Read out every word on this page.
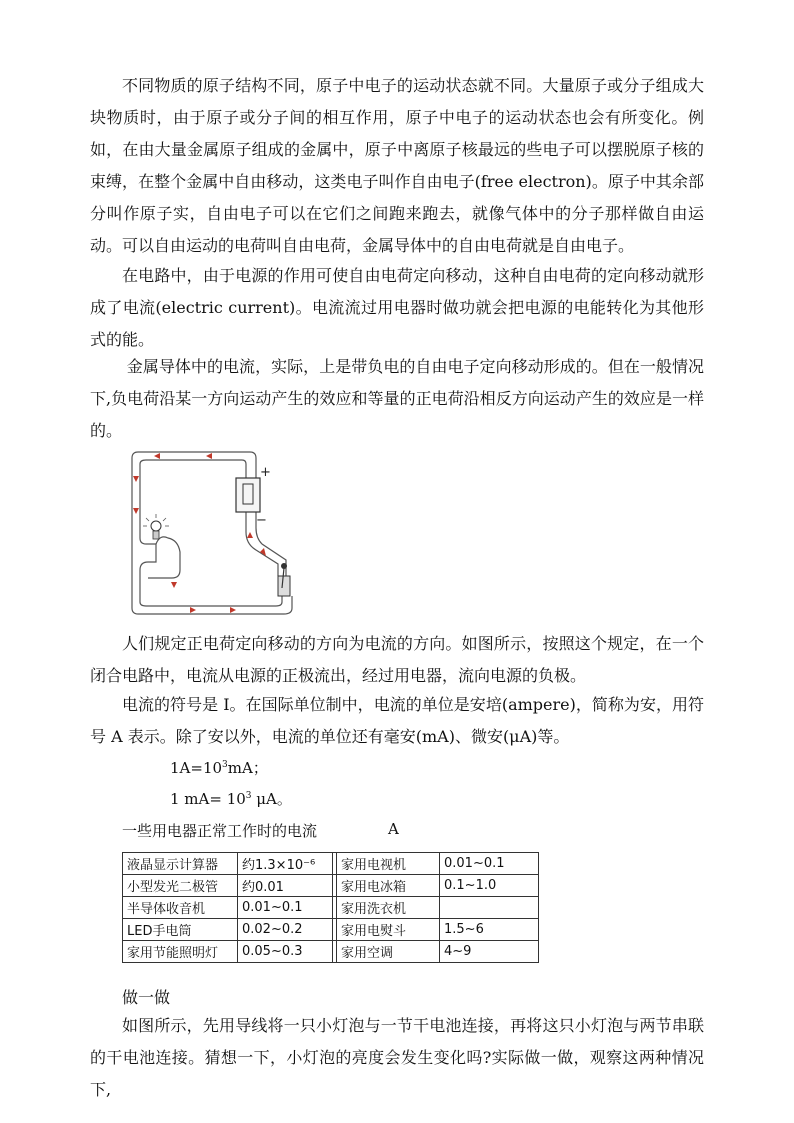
不同物质的原子结构不同，原子中电子的运动状态就不同。大量原子或分子组成大块物质时，由于原子或分子间的相互作用，原子中电子的运动状态也会有所变化。例如，在由大量金属原子组成的金属中，原子中离原子核最远的些电子可以摆脱原子核的束缚，在整个金属中自由移动，这类电子叫作自由电子(free electron)。原子中其余部分叫作原子实，自由电子可以在它们之间跑来跑去，就像气体中的分子那样做自由运动。可以自由运动的电荷叫自由电荷，金属导体中的自由电荷就是自由电子。

在电路中，由于电源的作用可使自由电荷定向移动，这种自由电荷的定向移动就形成了电流(electric current)。电流流过用电器时做功就会把电源的电能转化为其他形式的能。

金属导体中的电流，实际，上是带负电的自由电子定向移动形成的。但在一般情况下,负电荷沿某一方向运动产生的效应和等量的正电荷沿相反方向运动产生的效应是一样的。

+
−

人们规定正电荷定向移动的方向为电流的方向。如图所示，按照这个规定，在一个闭合电路中，电流从电源的正极流出，经过用电器，流向电源的负极。

电流的符号是 I。在国际单位制中，电流的单位是安培(ampere)，简称为安，用符号 A 表示。除了安以外，电流的单位还有毫安(mA)、微安(μA)等。

$1A=10^3mA$；
1 $mA= 10^3$ μA。
一些用电器正常工作时的电流	A
液晶显示计算器	约1.3×10⁻⁶		家用电视机	0.01~0.1
小型发光二极管	约0.01		家用电冰箱	0.1~1.0
半导体收音机	0.01~0.1		家用洗衣机	
LED手电筒	0.02~0.2		家用电熨斗	1.5~6
家用节能照明灯	0.05~0.3		家用空调	4~9
做一做

如图所示，先用导线将一只小灯泡与一节干电池连接，再将这只小灯泡与两节串联的干电池连接。猜想一下，小灯泡的亮度会发生变化吗?实际做一做，观察这两种情况下,
